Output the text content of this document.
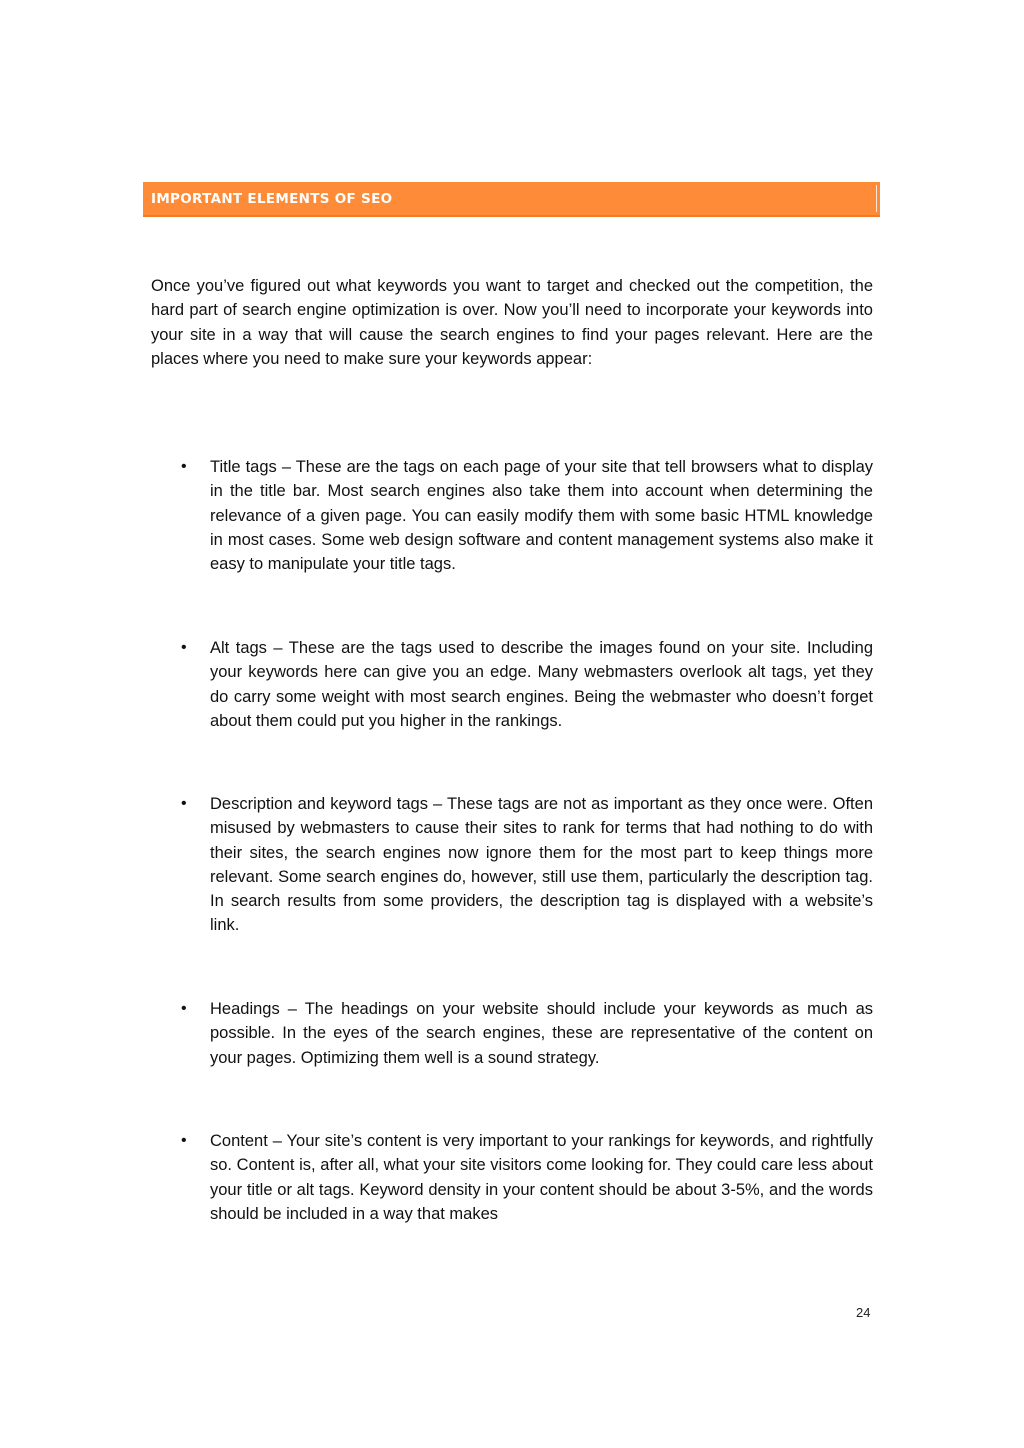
IMPORTANT ELEMENTS OF SEO

Once you’ve figured out what keywords you want to target and checked out the competition, the hard part of search engine optimization is over. Now you’ll need to incorporate your keywords into your site in a way that will cause the search engines to find your pages relevant. Here are the places where you need to make sure your keywords appear:

• Title tags – These are the tags on each page of your site that tell browsers what to display in the title bar. Most search engines also take them into account when determining the relevance of a given page. You can easily modify them with some basic HTML knowledge in most cases. Some web design software and content management systems also make it easy to manipulate your title tags.
• Alt tags – These are the tags used to describe the images found on your site. Including your keywords here can give you an edge. Many webmasters overlook alt tags, yet they do carry some weight with most search engines. Being the webmaster who doesn’t forget about them could put you higher in the rankings.
• Description and keyword tags – These tags are not as important as they once were. Often misused by webmasters to cause their sites to rank for terms that had nothing to do with their sites, the search engines now ignore them for the most part to keep things more relevant. Some search engines do, however, still use them, particularly the description tag. In search results from some providers, the description tag is displayed with a website’s link.
• Headings – The headings on your website should include your keywords as much as possible. In the eyes of the search engines, these are representative of the content on your pages. Optimizing them well is a sound strategy.
• Content – Your site’s content is very important to your rankings for keywords, and rightfully so. Content is, after all, what your site visitors come looking for. They could care less about your title or alt tags. Keyword density in your content should be about 3-5%, and the words should be included in a way that makes
24
